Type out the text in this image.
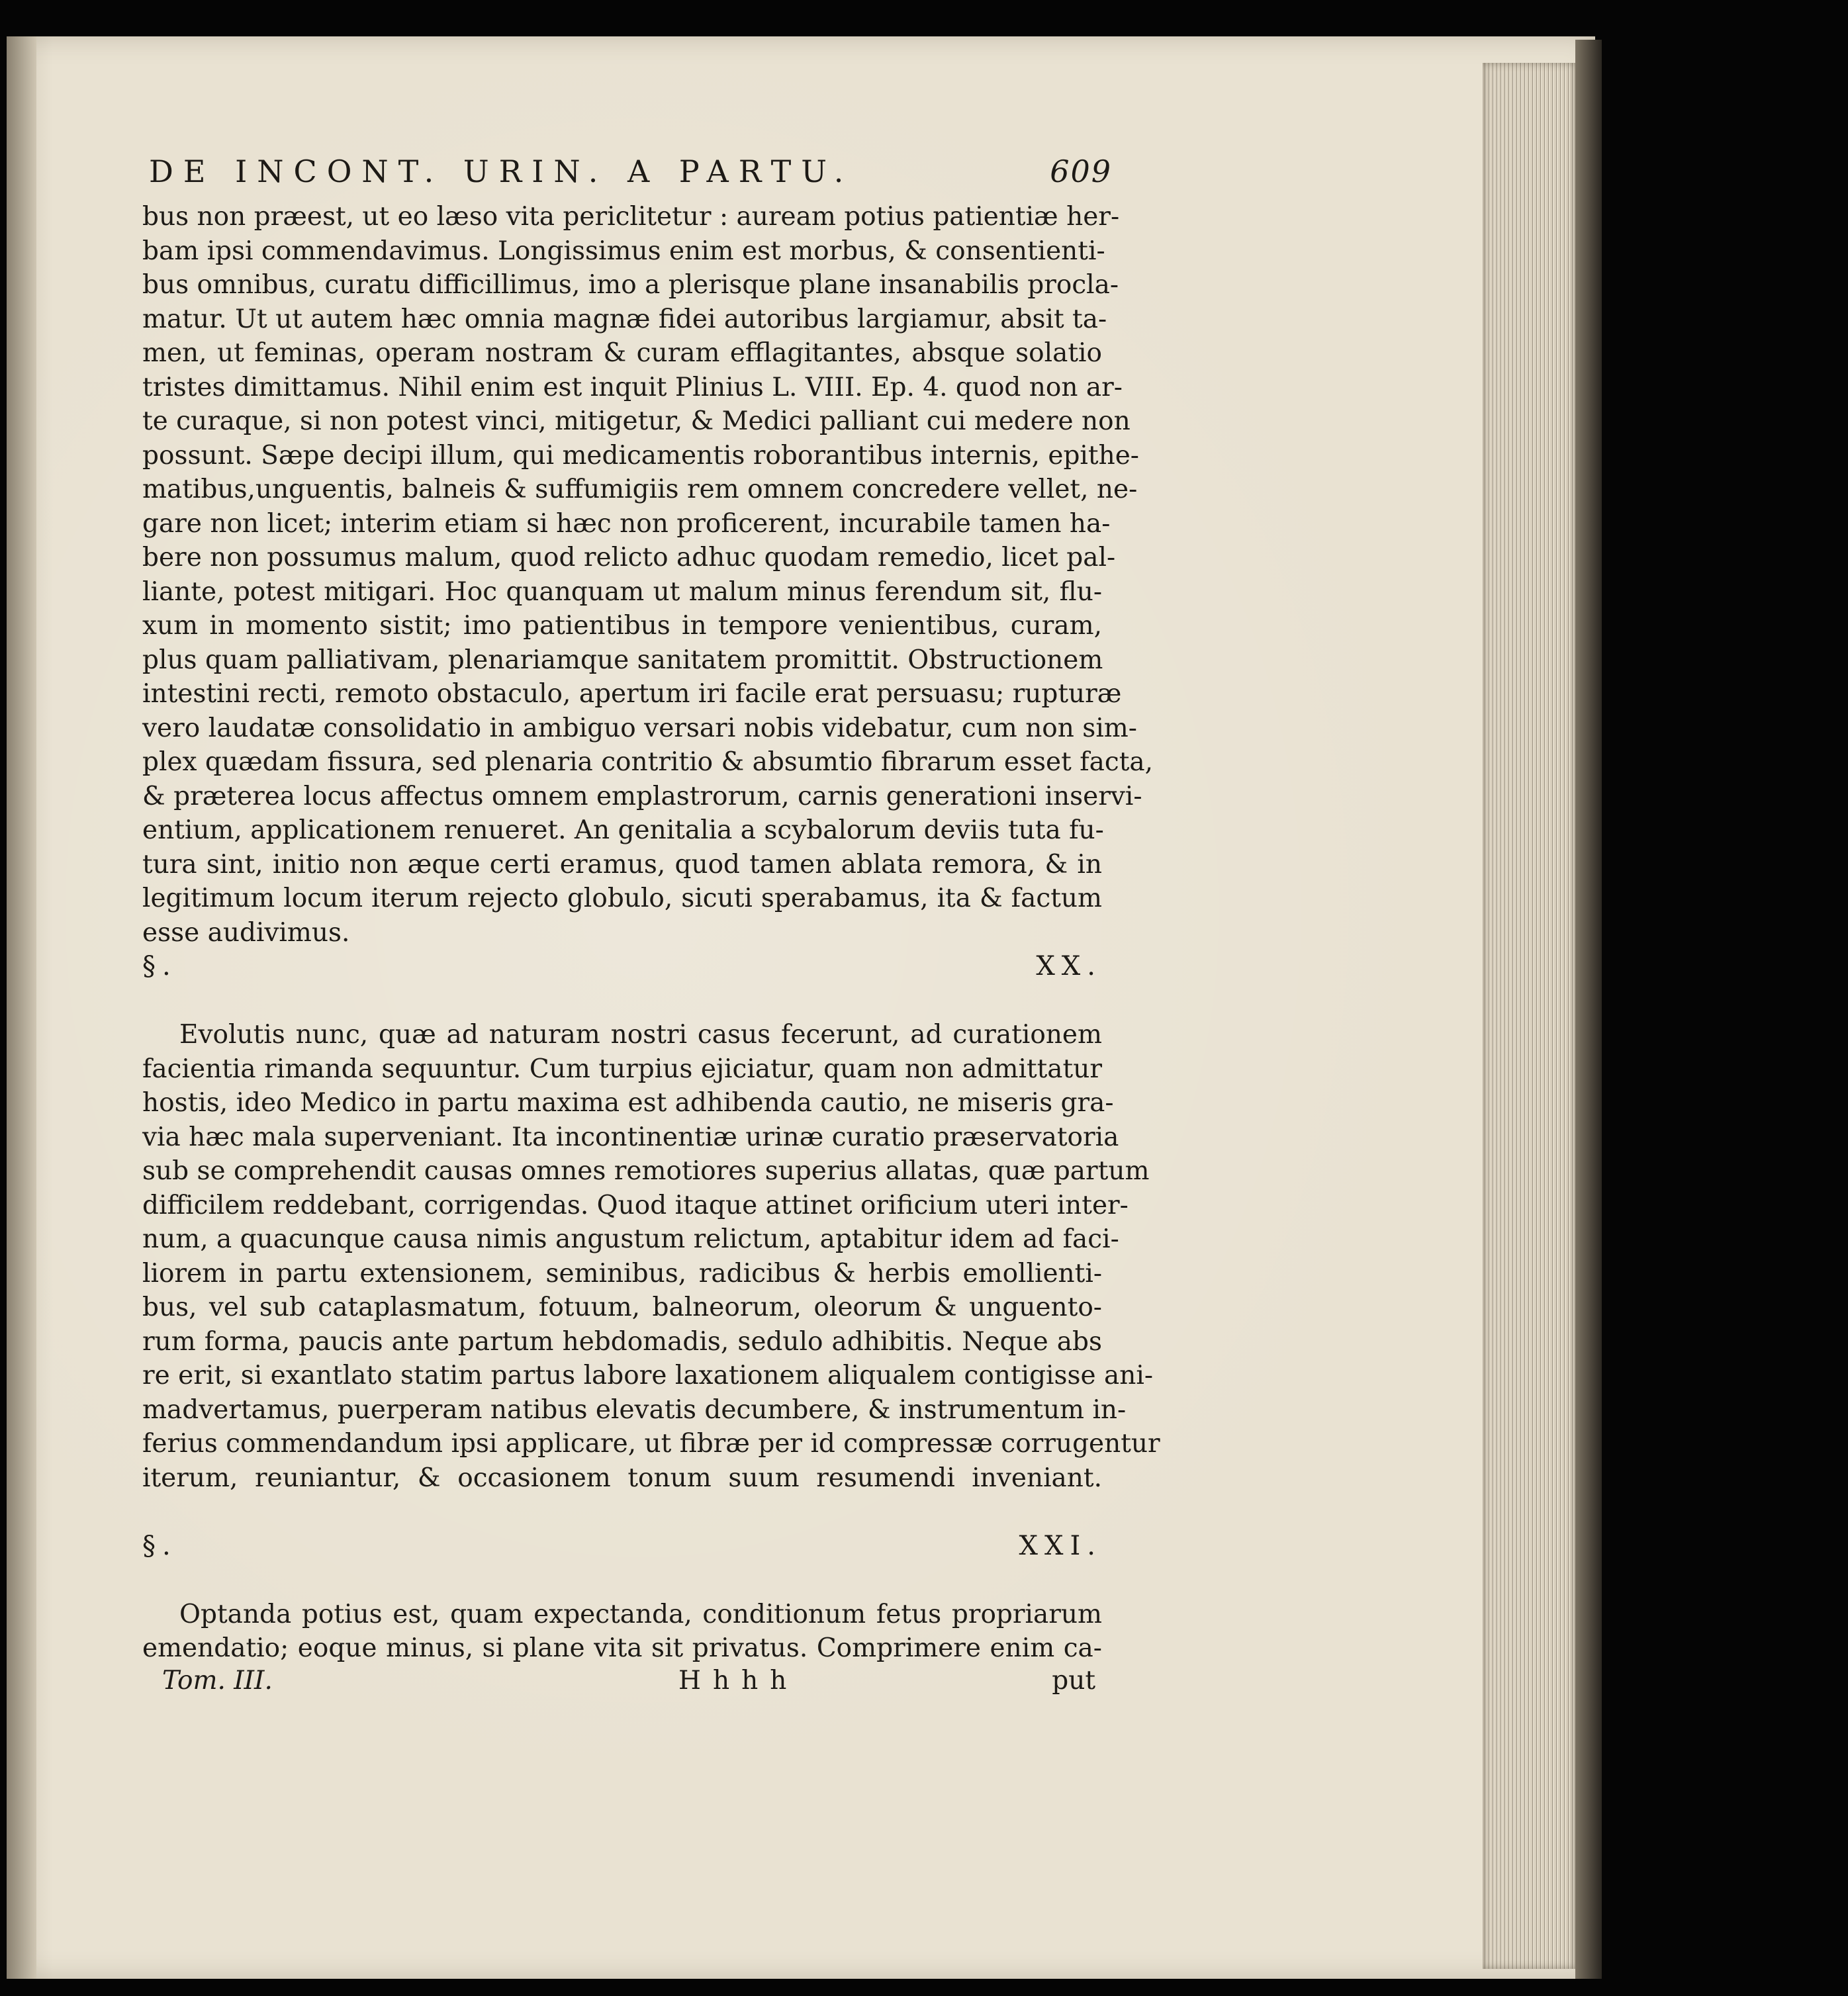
DE INCONT. URIN. A PARTU.	609
bus non præest, ut eo læso vita periclitetur : auream potius patientiæ her-
bam ipsi commendavimus. Longissimus enim est morbus, & consentienti-
bus omnibus, curatu difficillimus, imo a plerisque plane insanabilis procla-
matur. Ut ut autem hæc omnia magnæ fidei autoribus largiamur, absit ta-
men, ut feminas, operam nostram & curam efflagitantes, absque solatio
tristes dimittamus. Nihil enim est inquit Plinius L. VIII. Ep. 4. quod non ar-
te curaque, si non potest vinci, mitigetur, & Medici palliant cui medere non
possunt. Sæpe decipi illum, qui medicamentis roborantibus internis, epithe-
matibus,unguentis, balneis & suffumigiis rem omnem concredere vellet, ne-
gare non licet; interim etiam si hæc non proficerent, incurabile tamen ha-
bere non possumus malum, quod relicto adhuc quodam remedio, licet pal-
liante, potest mitigari. Hoc quanquam ut malum minus ferendum sit, flu-
xum in momento sistit; imo patientibus in tempore venientibus, curam,
plus quam palliativam, plenariamque sanitatem promittit. Obstructionem
intestini recti, remoto obstaculo, apertum iri facile erat persuasu; rupturæ
vero laudatæ consolidatio in ambiguo versari nobis videbatur, cum non sim-
plex quædam fissura, sed plenaria contritio & absumtio fibrarum esset facta,
& præterea locus affectus omnem emplastrorum, carnis generationi inservi-
entium, applicationem renueret. An genitalia a scybalorum deviis tuta fu-
tura sint, initio non æque certi eramus, quod tamen ablata remora, & in
legitimum locum iterum rejecto globulo, sicuti sperabamus, ita & factum
esse audivimus.
§. XX.
Evolutis nunc, quæ ad naturam nostri casus fecerunt, ad curationem
facientia rimanda sequuntur. Cum turpius ejiciatur, quam non admittatur
hostis, ideo Medico in partu maxima est adhibenda cautio, ne miseris gra-
via hæc mala superveniant. Ita incontinentiæ urinæ curatio præservatoria
sub se comprehendit causas omnes remotiores superius allatas, quæ partum
difficilem reddebant, corrigendas. Quod itaque attinet orificium uteri inter-
num, a quacunque causa nimis angustum relictum, aptabitur idem ad faci-
liorem in partu extensionem, seminibus, radicibus & herbis emollienti-
bus, vel sub cataplasmatum, fotuum, balneorum, oleorum & unguento-
rum forma, paucis ante partum hebdomadis, sedulo adhibitis. Neque abs
re erit, si exantlato statim partus labore laxationem aliqualem contigisse ani-
madvertamus, puerperam natibus elevatis decumbere, & instrumentum in-
ferius commendandum ipsi applicare, ut fibræ per id compressæ corrugentur
iterum, reuniantur, & occasionem tonum suum resumendi inveniant.
§. XXI.
Optanda potius est, quam expectanda, conditionum fetus propriarum
emendatio; eoque minus, si plane vita sit privatus. Comprimere enim ca-
Tom. III.	Hhhh	put
